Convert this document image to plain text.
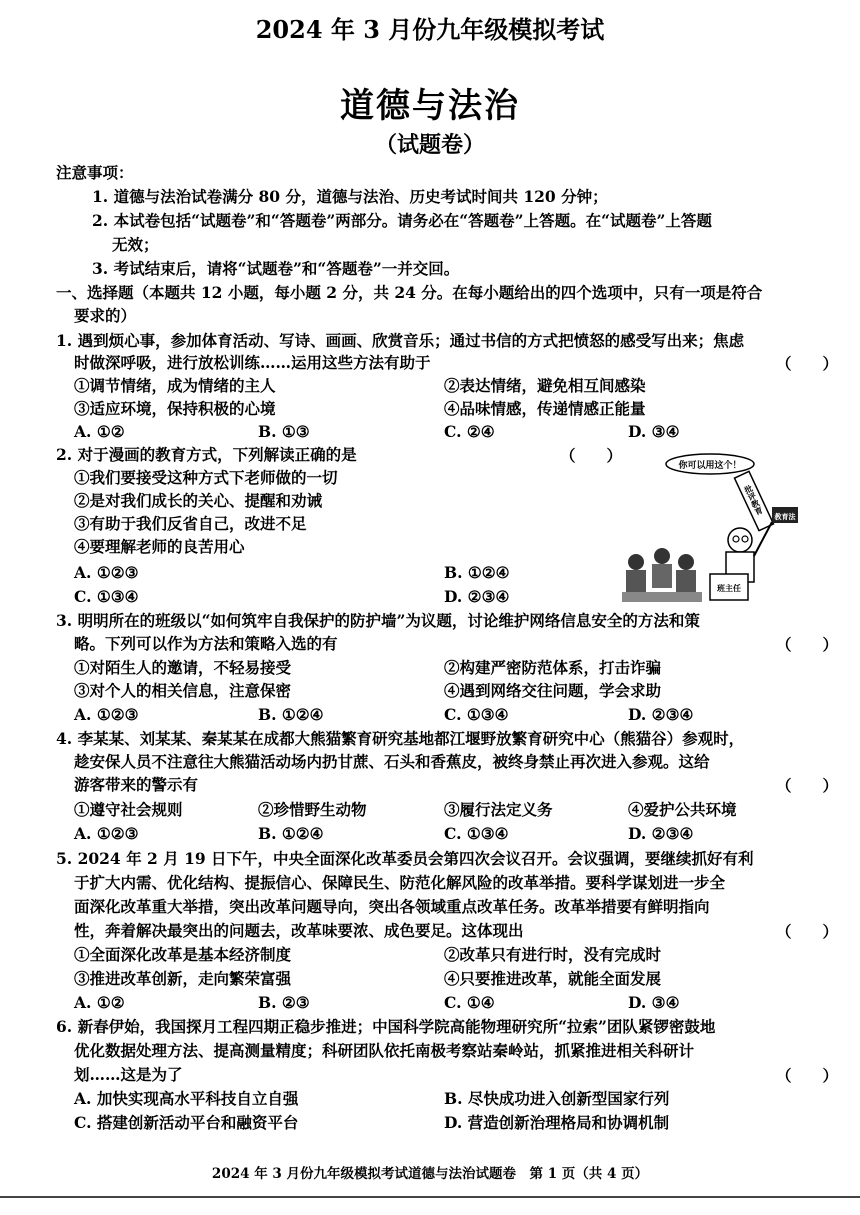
2024 年 3 月份九年级模拟考试
道德与法治
（试题卷）
注意事项：
1. 道德与法治试卷满分 80 分，道德与法治、历史考试时间共 120 分钟；
2. 本试卷包括“试题卷”和“答题卷”两部分。请务必在“答题卷”上答题。在“试题卷”上答题
无效；
3. 考试结束后，请将“试题卷”和“答题卷”一并交回。
一、选择题（本题共 12 小题，每小题 2 分，共 24 分。在每小题给出的四个选项中，只有一项是符合
要求的）
1. 遇到烦心事，参加体育活动、写诗、画画、欣赏音乐；通过书信的方式把愤怒的感受写出来；焦虑
时做深呼吸，进行放松训练……运用这些方法有助于	（　　）
①调节情绪，成为情绪的主人	②表达情绪，避免相互间感染
③适应环境，保持积极的心境	④品味情感，传递情感正能量
A. ①②	B. ①③	C. ②④	D. ③④
2. 对于漫画的教育方式，下列解读正确的是	（　　）
①我们要接受这种方式下老师做的一切
②是对我们成长的关心、提醒和劝诫
③有助于我们反省自己，改进不足
④要理解老师的良苦用心
A. ①②③	B. ①②④
C. ①③④	D. ②③④
你可以用这个！
批评教育
教育法
班主任
3. 明明所在的班级以“如何筑牢自我保护的防护墙”为议题，讨论维护网络信息安全的方法和策
略。下列可以作为方法和策略入选的有	（　　）
①对陌生人的邀请，不轻易接受	②构建严密防范体系，打击诈骗
③对个人的相关信息，注意保密	④遇到网络交往问题，学会求助
A. ①②③	B. ①②④	C. ①③④	D. ②③④
4. 李某某、刘某某、秦某某在成都大熊猫繁育研究基地都江堰野放繁育研究中心（熊猫谷）参观时，
趁安保人员不注意往大熊猫活动场内扔甘蔗、石头和香蕉皮，被终身禁止再次进入参观。这给
游客带来的警示有	（　　）
①遵守社会规则	②珍惜野生动物	③履行法定义务	④爱护公共环境
A. ①②③	B. ①②④	C. ①③④	D. ②③④
5. 2024 年 2 月 19 日下午，中央全面深化改革委员会第四次会议召开。会议强调，要继续抓好有利
于扩大内需、优化结构、提振信心、保障民生、防范化解风险的改革举措。要科学谋划进一步全
面深化改革重大举措，突出改革问题导向，突出各领域重点改革任务。改革举措要有鲜明指向
性，奔着解决最突出的问题去，改革味要浓、成色要足。这体现出	（　　）
①全面深化改革是基本经济制度	②改革只有进行时，没有完成时
③推进改革创新，走向繁荣富强	④只要推进改革，就能全面发展
A. ①②	B. ②③	C. ①④	D. ③④
6. 新春伊始，我国探月工程四期正稳步推进；中国科学院高能物理研究所“拉索”团队紧锣密鼓地
优化数据处理方法、提高测量精度；科研团队依托南极考察站秦岭站，抓紧推进相关科研计
划……这是为了	（　　）
A. 加快实现高水平科技自立自强	B. 尽快成功进入创新型国家行列
C. 搭建创新活动平台和融资平台	D. 营造创新治理格局和协调机制
2024 年 3 月份九年级模拟考试道德与法治试题卷　第 1 页（共 4 页）
